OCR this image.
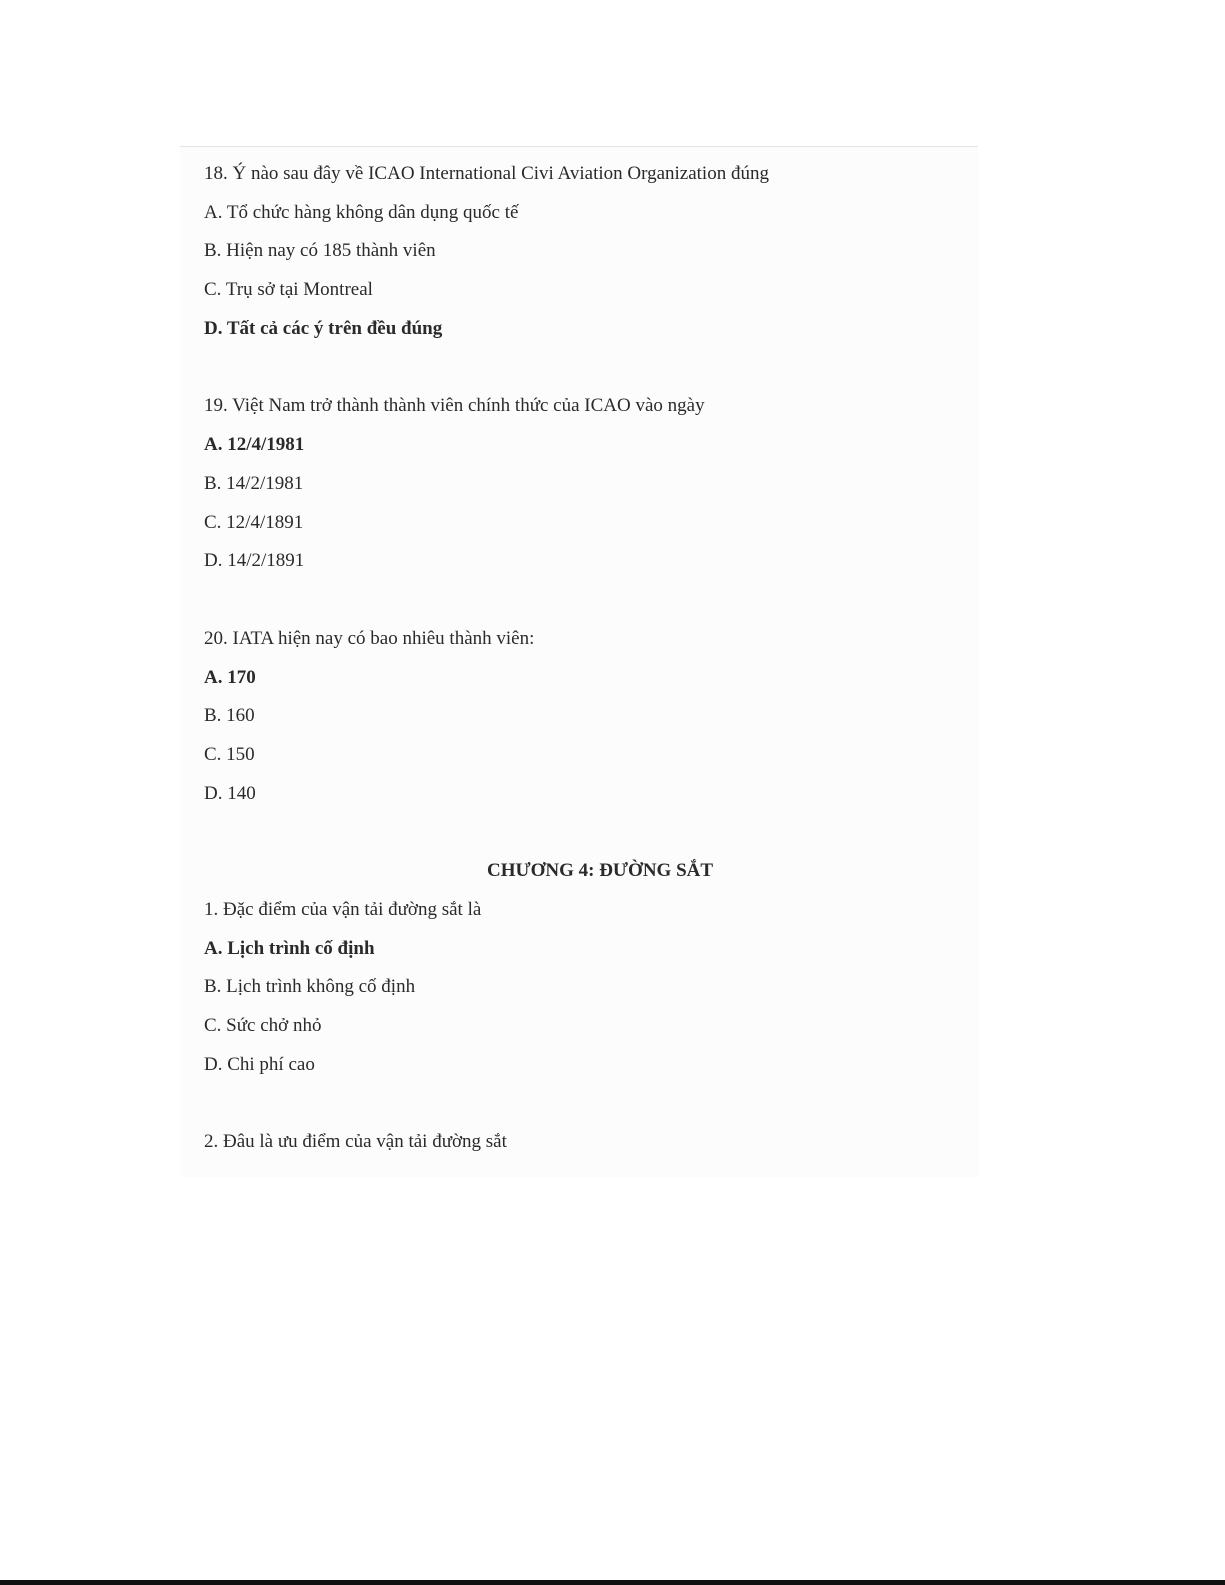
18. Ý nào sau đây về ICAO International Civi Aviation Organization đúng
A. Tổ chức hàng không dân dụng quốc tế
B. Hiện nay có 185 thành viên
C. Trụ sở tại Montreal
D. Tất cả các ý trên đều đúng
19. Việt Nam trở thành thành viên chính thức của ICAO vào ngày
A. 12/4/1981
B. 14/2/1981
C. 12/4/1891
D. 14/2/1891
20. IATA hiện nay có bao nhiêu thành viên:
A. 170
B. 160
C. 150
D. 140
CHƯƠNG 4: ĐƯỜNG SẮT
1. Đặc điểm của vận tải đường sắt là
A. Lịch trình cố định
B. Lịch trình không cố định
C. Sức chở nhỏ
D. Chi phí cao
2. Đâu là ưu điểm của vận tải đường sắt
